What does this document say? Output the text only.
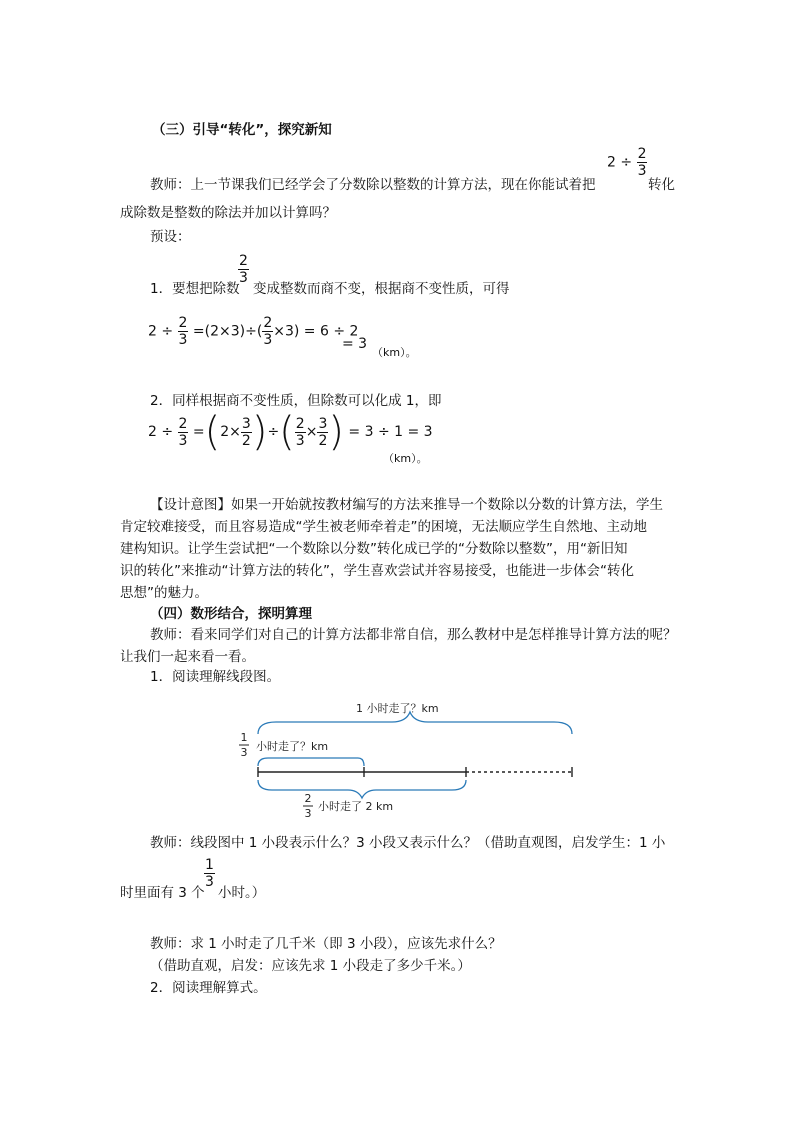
（三）引导“转化”，探究新知
教师：上一节课我们已经学会了分数除以整数的计算方法，现在你能试着把
$2 \div \frac{2}{3}$
转化
成除数是整数的除法并加以计算吗？
预设：
1．要想把除数
$\frac{2}{3}$
变成整数而商不变，根据商不变性质，可得
$2 \div \frac{2}{3} =(2\times 3)\div( \frac{2}{3} \times 3) = 6 \div 2$
= 3
（km）。
2．同样根据商不变性质，但除数可以化成 1，即
2 ÷
$\frac{2}{3}$
= ( $2\times \frac{3}{2}$ ) ÷ ( $\frac{2}{3} \times \frac{3}{2}$ )
= 3 ÷ 1 = 3
（km）。
【设计意图】如果一开始就按教材编写的方法来推导一个数除以分数的计算方法，学生
肯定较难接受，而且容易造成“学生被老师牵着走”的困境，无法顺应学生自然地、主动地
建构知识。让学生尝试把“一个数除以分数”转化成已学的“分数除以整数”，用“新旧知
识的转化”来推动“计算方法的转化”，学生喜欢尝试并容易接受，也能进一步体会“转化
思想”的魅力。
（四）数形结合，探明算理
教师：看来同学们对自己的计算方法都非常自信，那么教材中是怎样推导计算方法的呢？
让我们一起来看一看。
1．阅读理解线段图。
1 小时走了？km
1
3 小时走了？km
2
3
小时走了 2 km
教师：线段图中 1 小段表示什么？3 小段又表示什么？（借助直观图，启发学生：1 小
时里面有 3 个
$\frac{1}{3}$
小时。）
教师：求 1 小时走了几千米（即 3 小段），应该先求什么？
（借助直观，启发：应该先求 1 小段走了多少千米。）
2．阅读理解算式。
